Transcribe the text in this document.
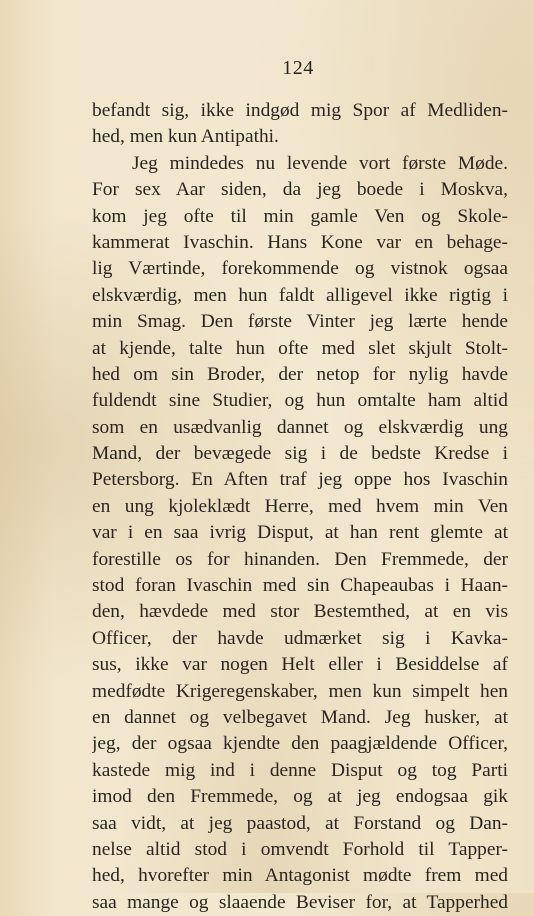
124
befandt sig, ikke indgød mig Spor af Medliden-
hed, men kun Antipathi.
Jeg mindedes nu levende vort første Møde.
For sex Aar siden, da jeg boede i Moskva,
kom jeg ofte til min gamle Ven og Skole-
kammerat Ivaschin. Hans Kone var en behage-
lig Værtinde, forekommende og vistnok ogsaa
elskværdig, men hun faldt alligevel ikke rigtig i
min Smag. Den første Vinter jeg lærte hende
at kjende, talte hun ofte med slet skjult Stolt-
hed om sin Broder, der netop for nylig havde
fuldendt sine Studier, og hun omtalte ham altid
som en usædvanlig dannet og elskværdig ung
Mand, der bevægede sig i de bedste Kredse i
Petersborg. En Aften traf jeg oppe hos Ivaschin
en ung kjoleklædt Herre, med hvem min Ven
var i en saa ivrig Disput, at han rent glemte at
forestille os for hinanden. Den Fremmede, der
stod foran Ivaschin med sin Chapeaubas i Haan-
den, hævdede med stor Bestemthed, at en vis
Officer, der havde udmærket sig i Kavka-
sus, ikke var nogen Helt eller i Besiddelse af
medfødte Krigeregenskaber, men kun simpelt hen
en dannet og velbegavet Mand. Jeg husker, at
jeg, der ogsaa kjendte den paagjældende Officer,
kastede mig ind i denne Disput og tog Parti
imod den Fremmede, og at jeg endogsaa gik
saa vidt, at jeg paastod, at Forstand og Dan-
nelse altid stod i omvendt Forhold til Tapper-
hed, hvorefter min Antagonist mødte frem med
saa mange og slaaende Beviser for, at Tapperhed
